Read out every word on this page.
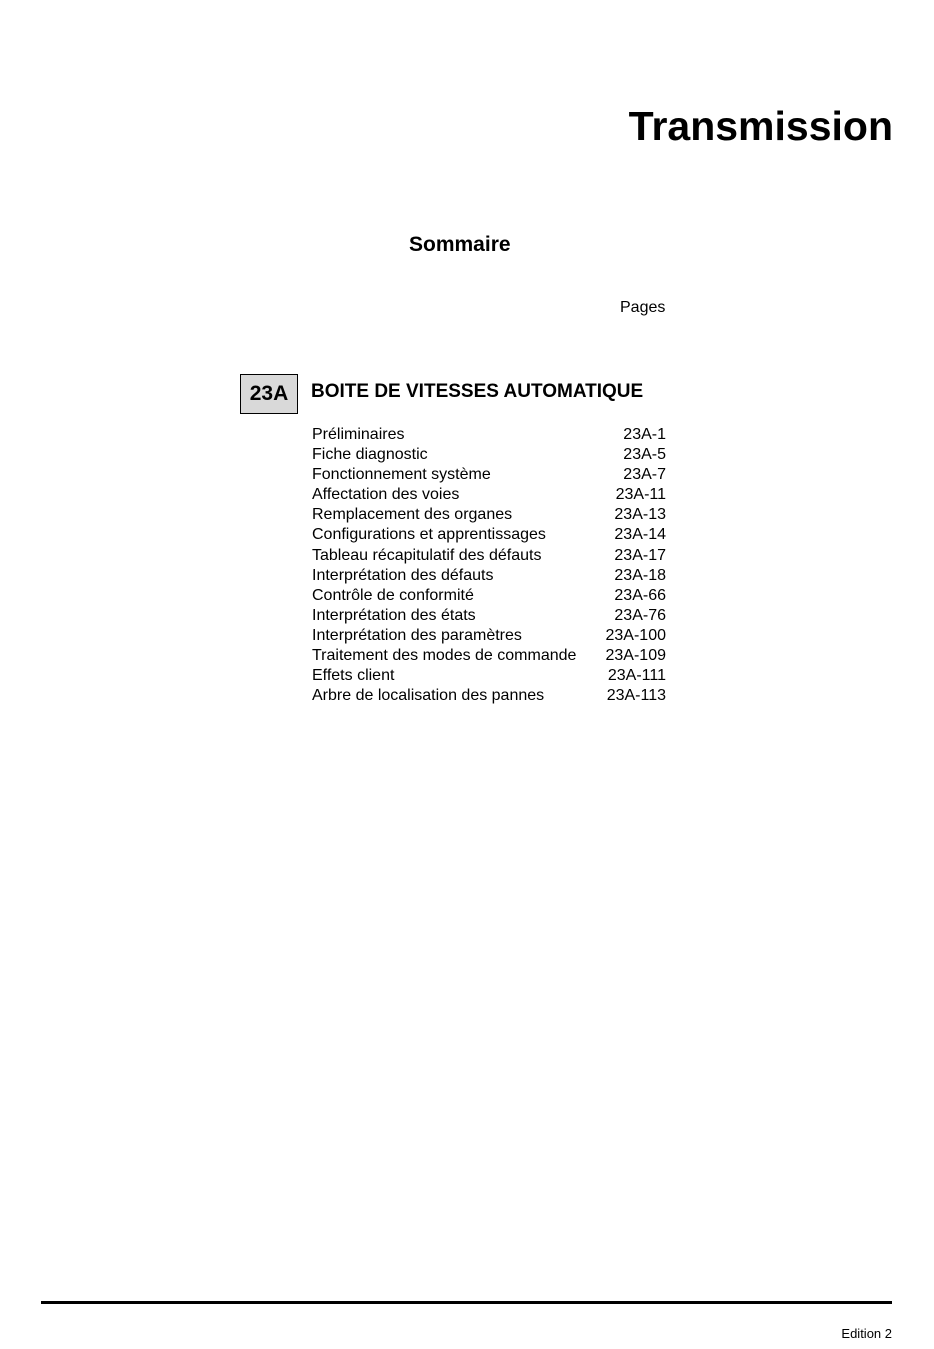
Transmission
Sommaire
Pages
23A	BOITE DE VITESSES AUTOMATIQUE
Préliminaires	23A-1
Fiche diagnostic	23A-5
Fonctionnement système	23A-7
Affectation des voies	23A-11
Remplacement des organes	23A-13
Configurations et apprentissages	23A-14
Tableau récapitulatif des défauts	23A-17
Interprétation des défauts	23A-18
Contrôle de conformité	23A-66
Interprétation des états	23A-76
Interprétation des paramètres	23A-100
Traitement des modes de commande	23A-109
Effets client	23A-111
Arbre de localisation des pannes	23A-113
Edition 2
